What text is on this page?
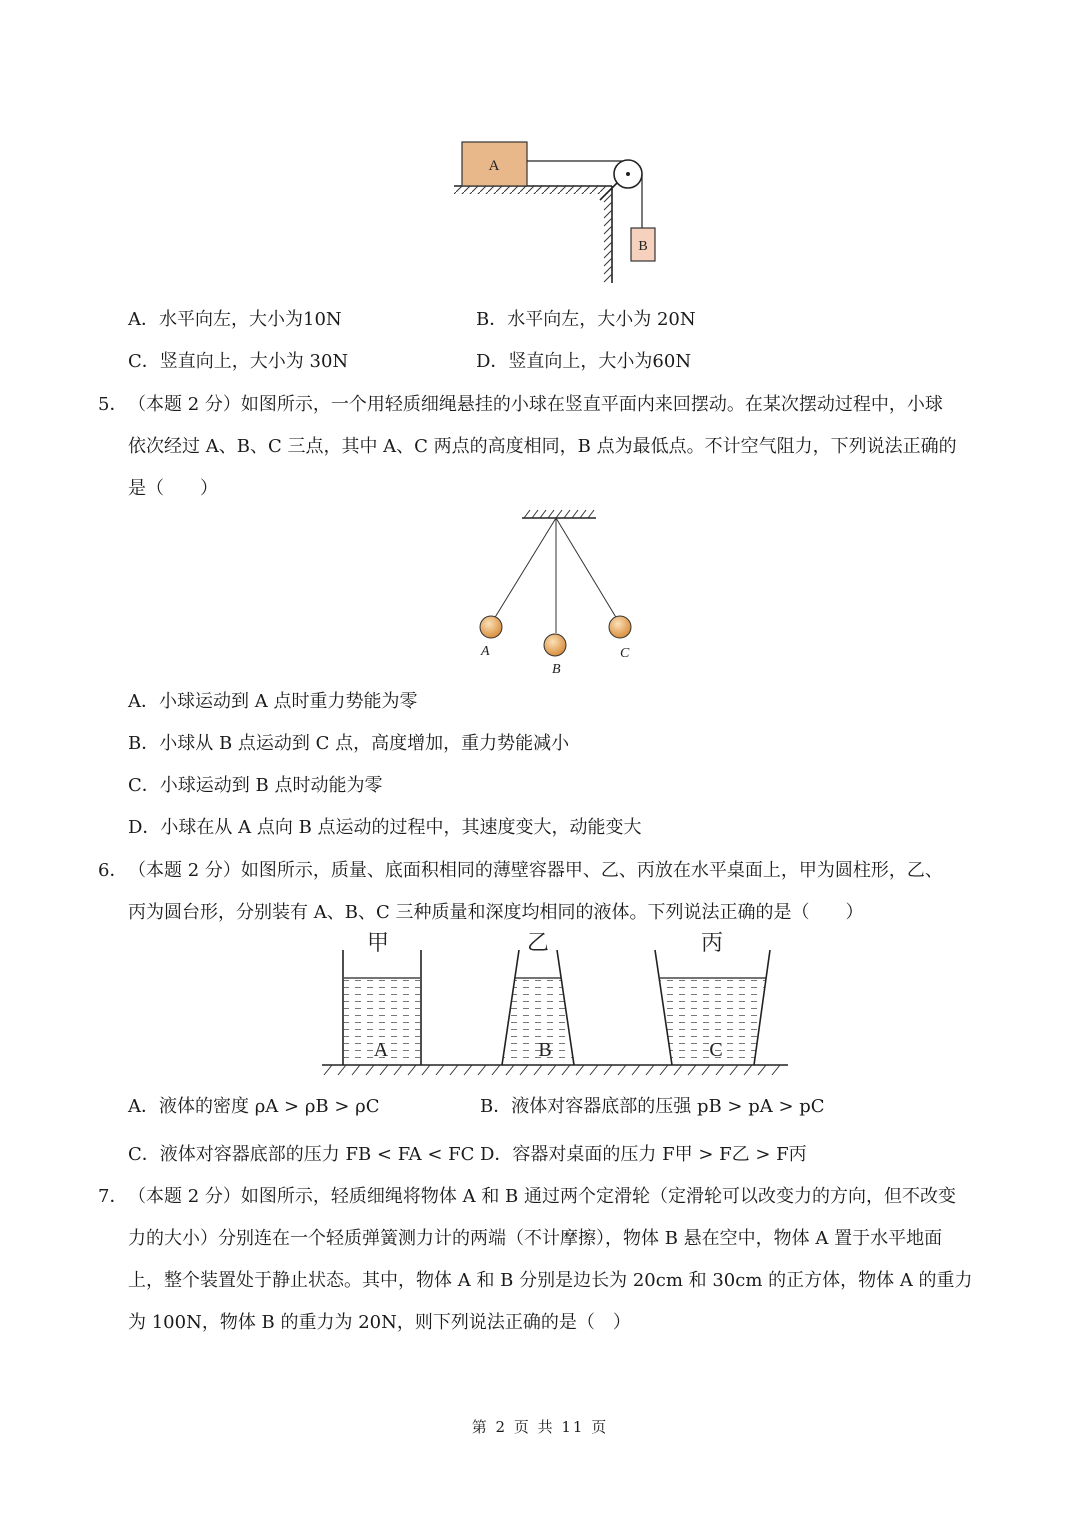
A
B
A．水平向左，大小为10N	B．水平向左，大小为 20N
C．竖直向上，大小为 30N	D．竖直向上，大小为60N
5． （本题 2 分）如图所示，一个用轻质细绳悬挂的小球在竖直平面内来回摆动。在某次摆动过程中，小球
依次经过 A、B、C 三点，其中 A、C 两点的高度相同，B 点为最低点。不计空气阻力，下列说法正确的
是（　　）
A
B
C
A．小球运动到 A 点时重力势能为零
B．小球从 B 点运动到 C 点，高度增加，重力势能减小
C．小球运动到 B 点时动能为零
D．小球在从 A 点向 B 点运动的过程中，其速度变大，动能变大
6． （本题 2 分）如图所示，质量、底面积相同的薄壁容器甲、乙、丙放在水平桌面上，甲为圆柱形，乙、
丙为圆台形，分别装有 A、B、C 三种质量和深度均相同的液体。下列说法正确的是（　　）
甲
A
乙
B
丙
C
A．液体的密度 ρA > ρB > ρC	B．液体对容器底部的压强 pB > pA > pC
C．液体对容器底部的压力 FB < FA < FC D．容器对桌面的压力 F甲 > F乙 > F丙
7． （本题 2 分）如图所示，轻质细绳将物体 A 和 B 通过两个定滑轮（定滑轮可以改变力的方向，但不改变
力的大小）分别连在一个轻质弹簧测力计的两端（不计摩擦），物体 B 悬在空中，物体 A 置于水平地面
上，整个装置处于静止状态。其中，物体 A 和 B 分别是边长为 20cm 和 30cm 的正方体，物体 A 的重力
为 100N，物体 B 的重力为 20N，则下列说法正确的是（　）
第 2 页 共 11 页
